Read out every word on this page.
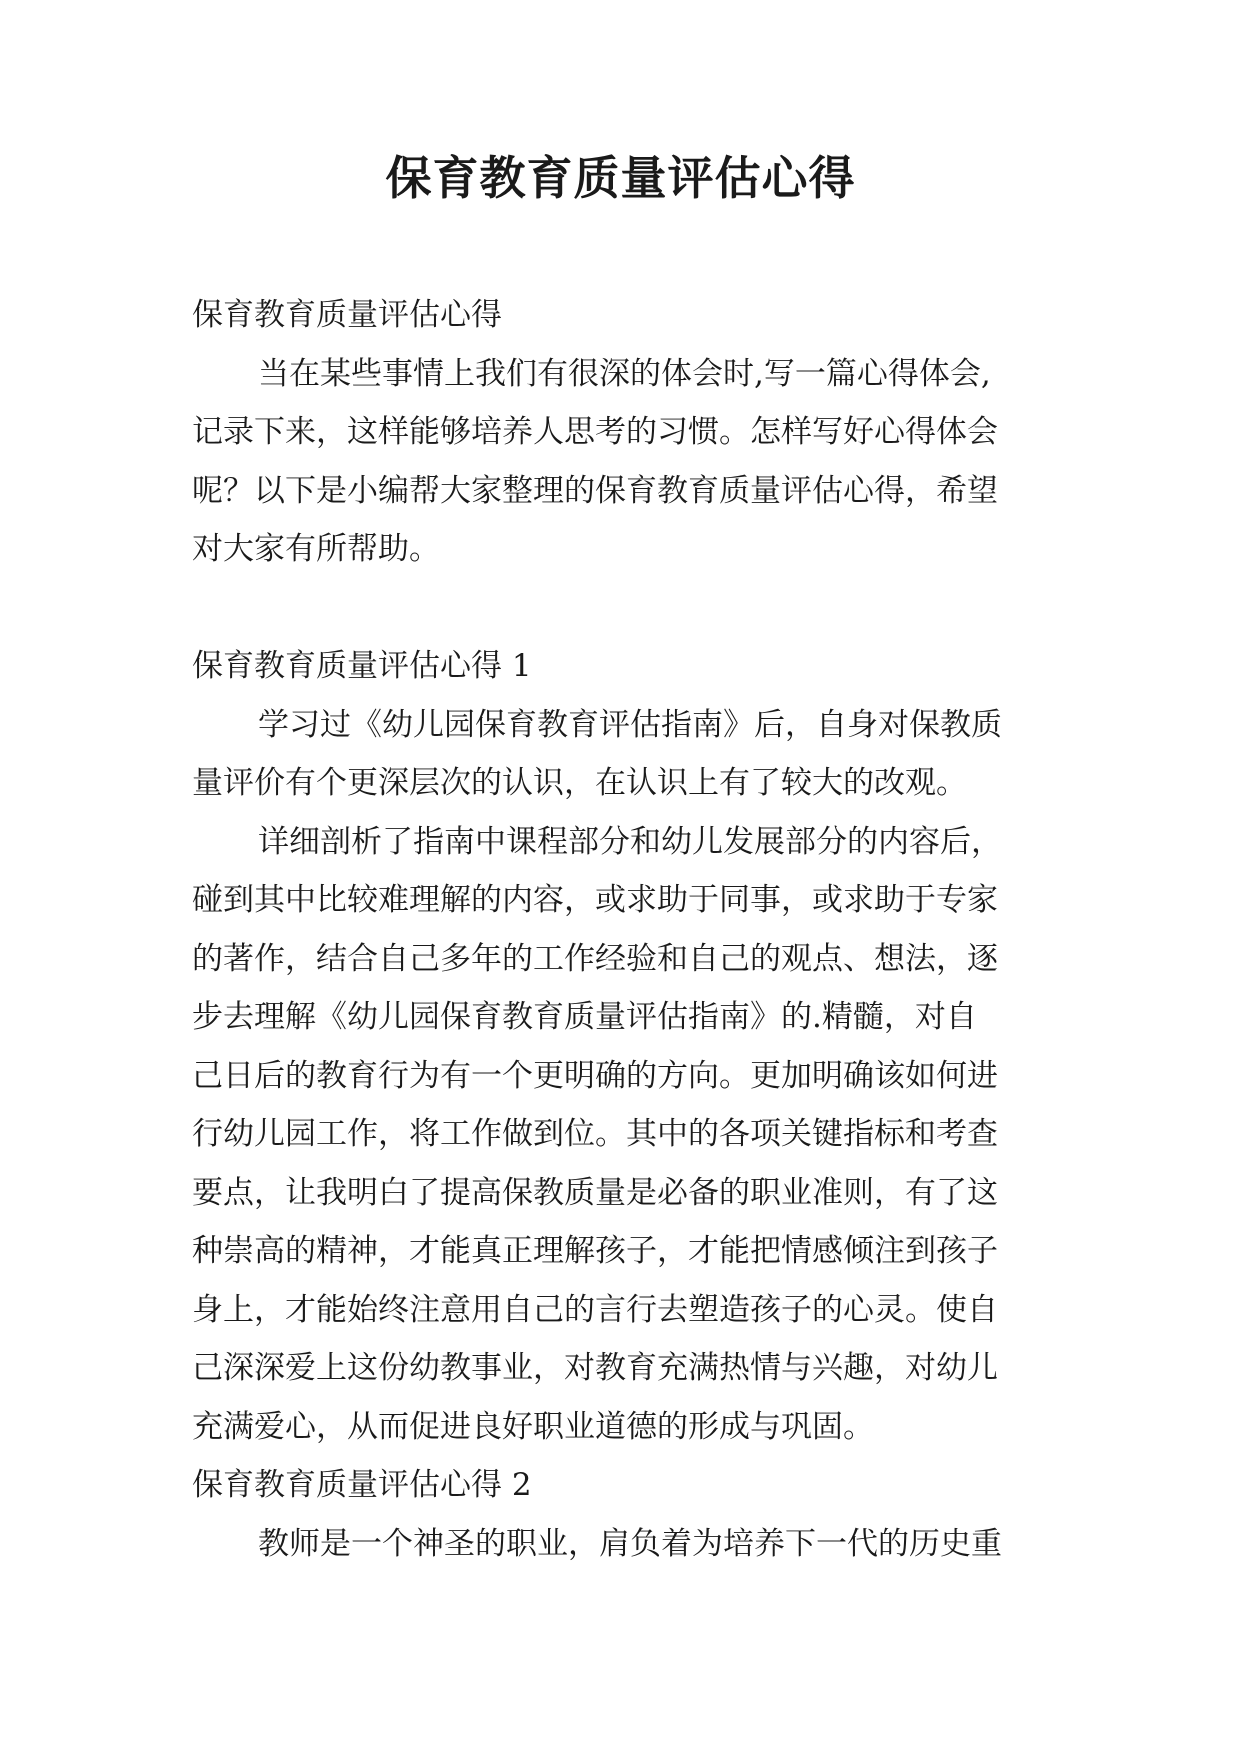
保育教育质量评估心得
保育教育质量评估心得
当在某些事情上我们有很深的体会时,写一篇心得体会,
记录下来，这样能够培养人思考的习惯。怎样写好心得体会
呢？以下是小编帮大家整理的保育教育质量评估心得，希望
对大家有所帮助。
保育教育质量评估心得 1
学习过《幼儿园保育教育评估指南》后，自身对保教质
量评价有个更深层次的认识，在认识上有了较大的改观。
详细剖析了指南中课程部分和幼儿发展部分的内容后，
碰到其中比较难理解的内容，或求助于同事，或求助于专家
的著作，结合自己多年的工作经验和自己的观点、想法，逐
步去理解《幼儿园保育教育质量评估指南》的.精髓，对自
己日后的教育行为有一个更明确的方向。更加明确该如何进
行幼儿园工作，将工作做到位。其中的各项关键指标和考查
要点，让我明白了提高保教质量是必备的职业准则，有了这
种崇高的精神，才能真正理解孩子，才能把情感倾注到孩子
身上，才能始终注意用自己的言行去塑造孩子的心灵。使自
己深深爱上这份幼教事业，对教育充满热情与兴趣，对幼儿
充满爱心，从而促进良好职业道德的形成与巩固。
保育教育质量评估心得 2
教师是一个神圣的职业，肩负着为培养下一代的历史重
